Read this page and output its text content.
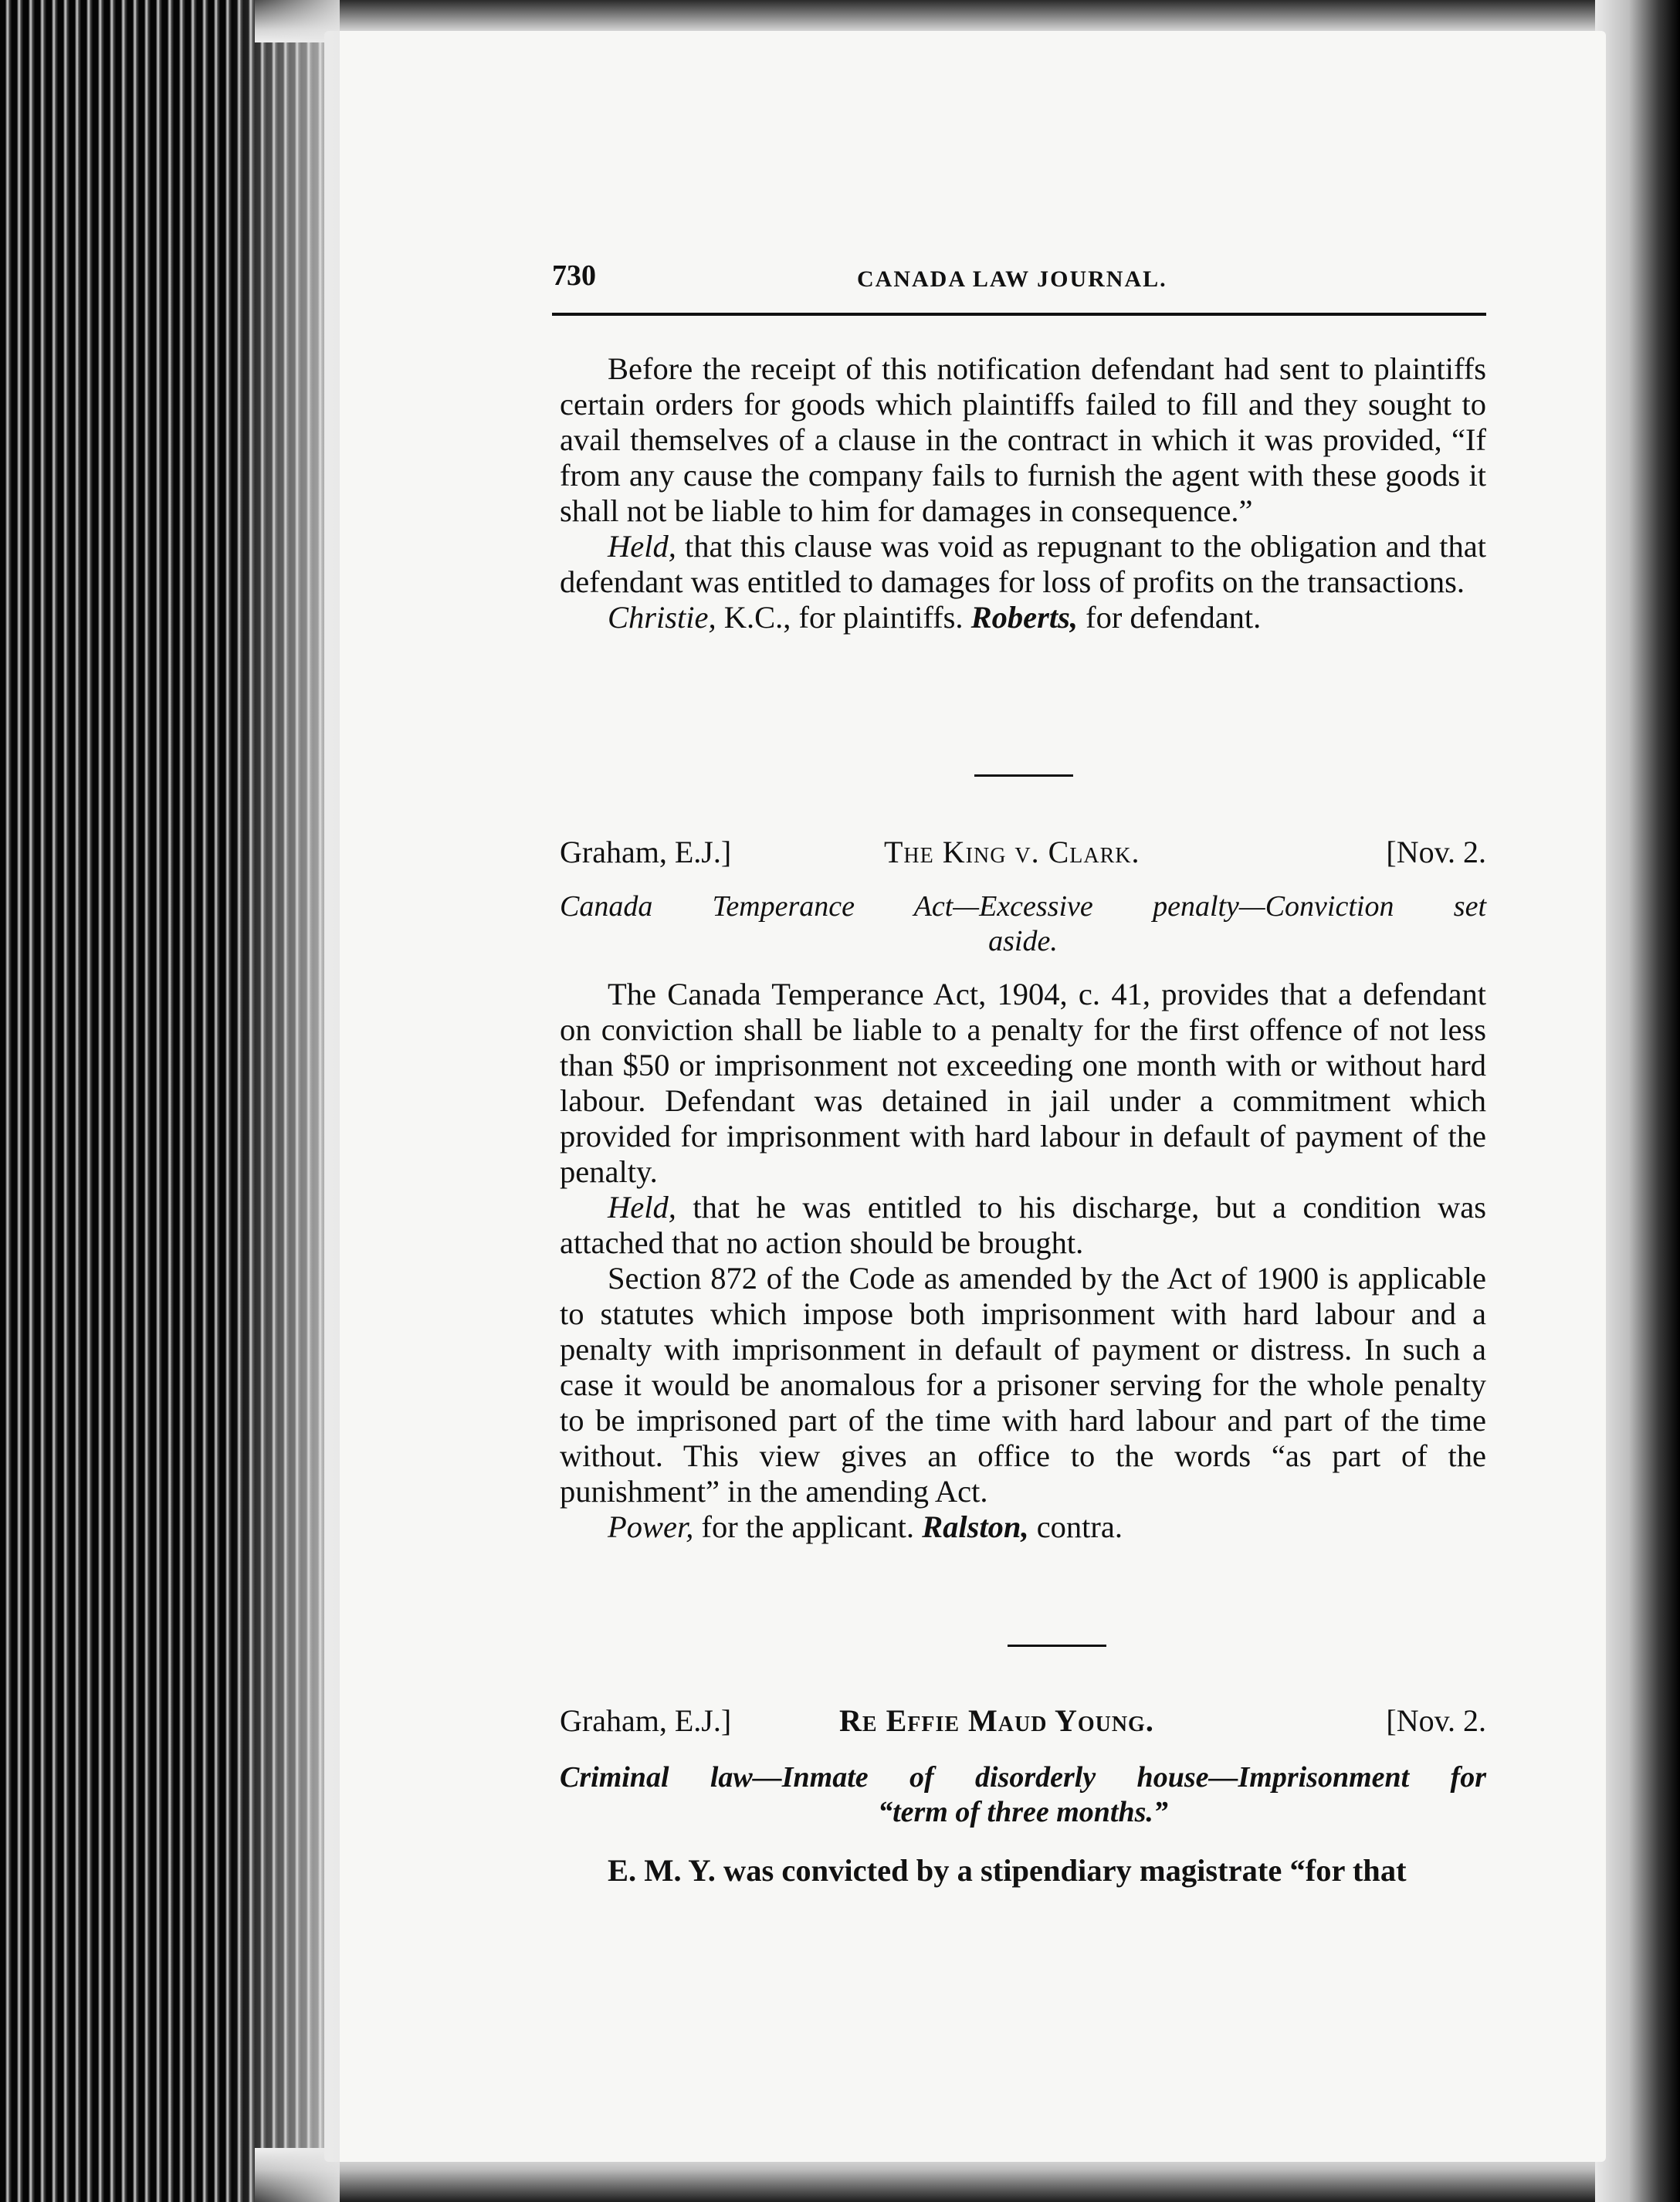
730	CANADA LAW JOURNAL.

Before the receipt of this notification defendant had sent to plaintiffs certain orders for goods which plaintiffs failed to fill and they sought to avail themselves of a clause in the contract in which it was provided, “If from any cause the company fails to furnish the agent with these goods it shall not be liable to him for damages in consequence.”

Held, that this clause was void as repugnant to the obligation and that defendant was entitled to damages for loss of profits on the transactions.

Christie, K.C., for plaintiffs. Roberts, for defendant.

Graham, E.J.]	The King v. Clark.	[Nov. 2.
Canada Temperance Act—Excessive penalty—Conviction set
aside.

The Canada Temperance Act, 1904, c. 41, provides that a defendant on conviction shall be liable to a penalty for the first offence of not less than $50 or imprisonment not exceeding one month with or without hard labour. Defendant was detained in jail under a commitment which provided for imprisonment with hard labour in default of payment of the penalty.

Held, that he was entitled to his discharge, but a condition was attached that no action should be brought.

Section 872 of the Code as amended by the Act of 1900 is applicable to statutes which impose both imprisonment with hard labour and a penalty with imprisonment in default of payment or distress. In such a case it would be anomalous for a prisoner serving for the whole penalty to be imprisoned part of the time with hard labour and part of the time without. This view gives an office to the words “as part of the punishment” in the amending Act.

Power, for the applicant. Ralston, contra.

Graham, E.J.]	Re Effie Maud Young.	[Nov. 2.
Criminal law—Inmate of disorderly house—Imprisonment for
“term of three months.”

E. M. Y. was convicted by a stipendiary magistrate “for that
